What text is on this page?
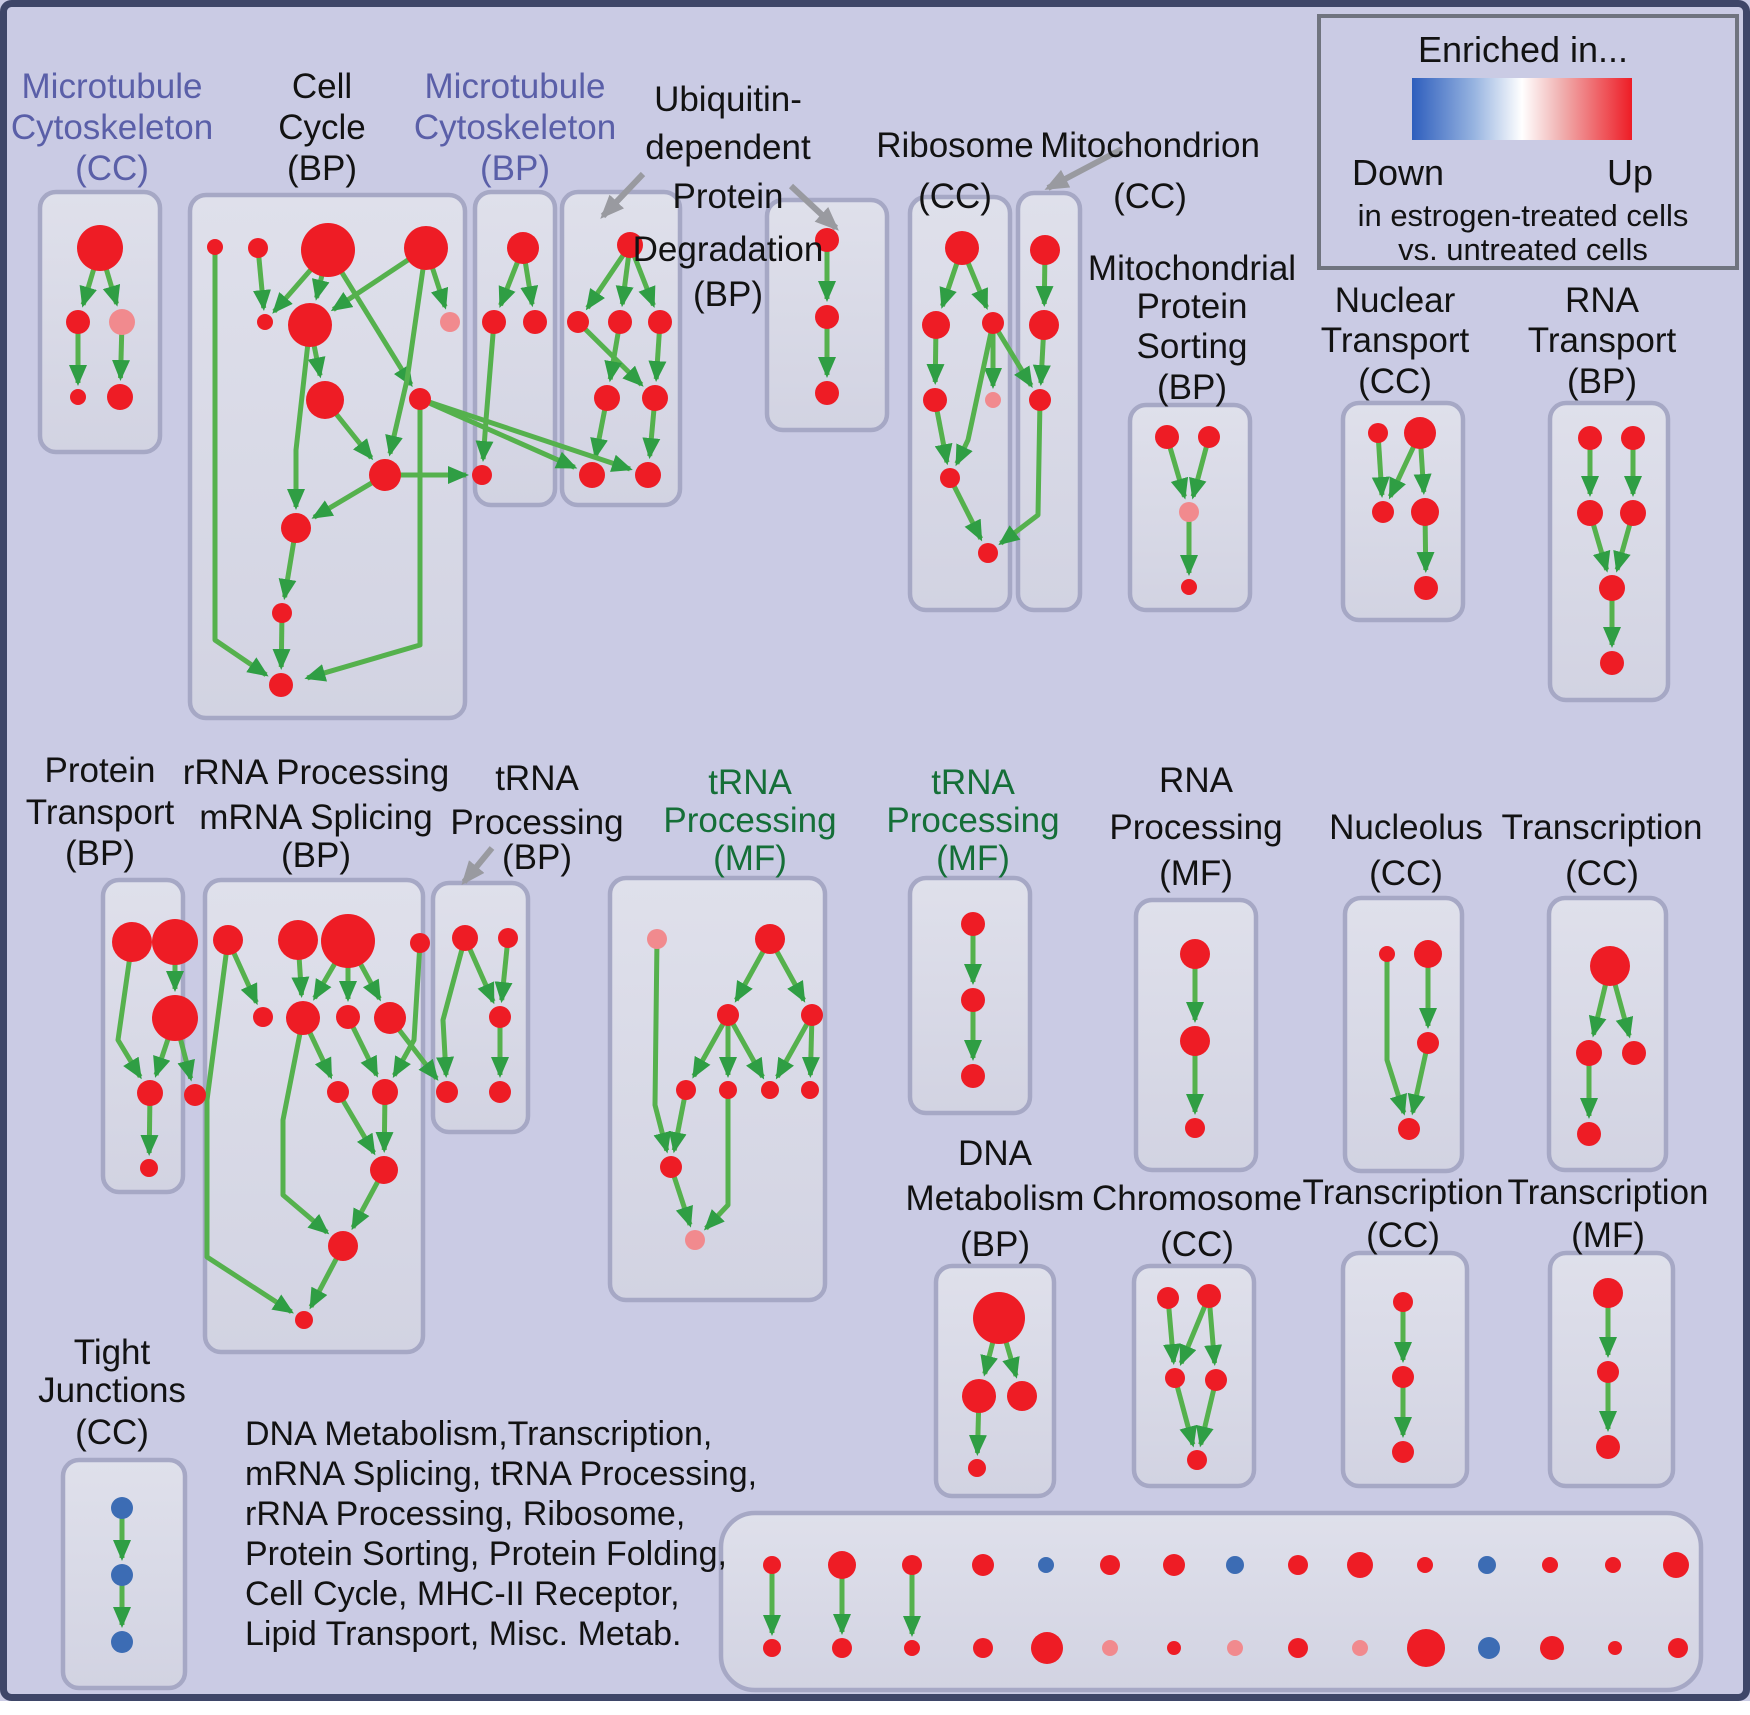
Microtubule
Cytoskeleton
(CC)
Cell
Cycle
(BP)
Microtubule
Cytoskeleton
(BP)
Ubiquitin-
dependent
Protein
Degradation
(BP)
Ribosome
(CC)
Mitochondrion
(CC)
Mitochondrial
Protein
Sorting
(BP)
Nuclear
Transport
(CC)
RNA
Transport
(BP)
Protein
Transport
(BP)
rRNA Processing
mRNA Splicing
(BP)
tRNA
Processing
(BP)
tRNA
Processing
(MF)
tRNA
Processing
(MF)
RNA
Processing
(MF)
Nucleolus
(CC)
Transcription
(CC)
DNA
Metabolism
(BP)
Chromosome
(CC)
Transcription
(CC)
Transcription
(MF)
Tight
Junctions
(CC)	DNA Metabolism,Transcription,
mRNA Splicing, tRNA Processing,
rRNA Processing, Ribosome,
Protein Sorting, Protein Folding,
Cell Cycle, MHC-II Receptor,
Lipid Transport, Misc. Metab.
Enriched in...
Down	Up
in estrogen-treated cells
vs. untreated cells
